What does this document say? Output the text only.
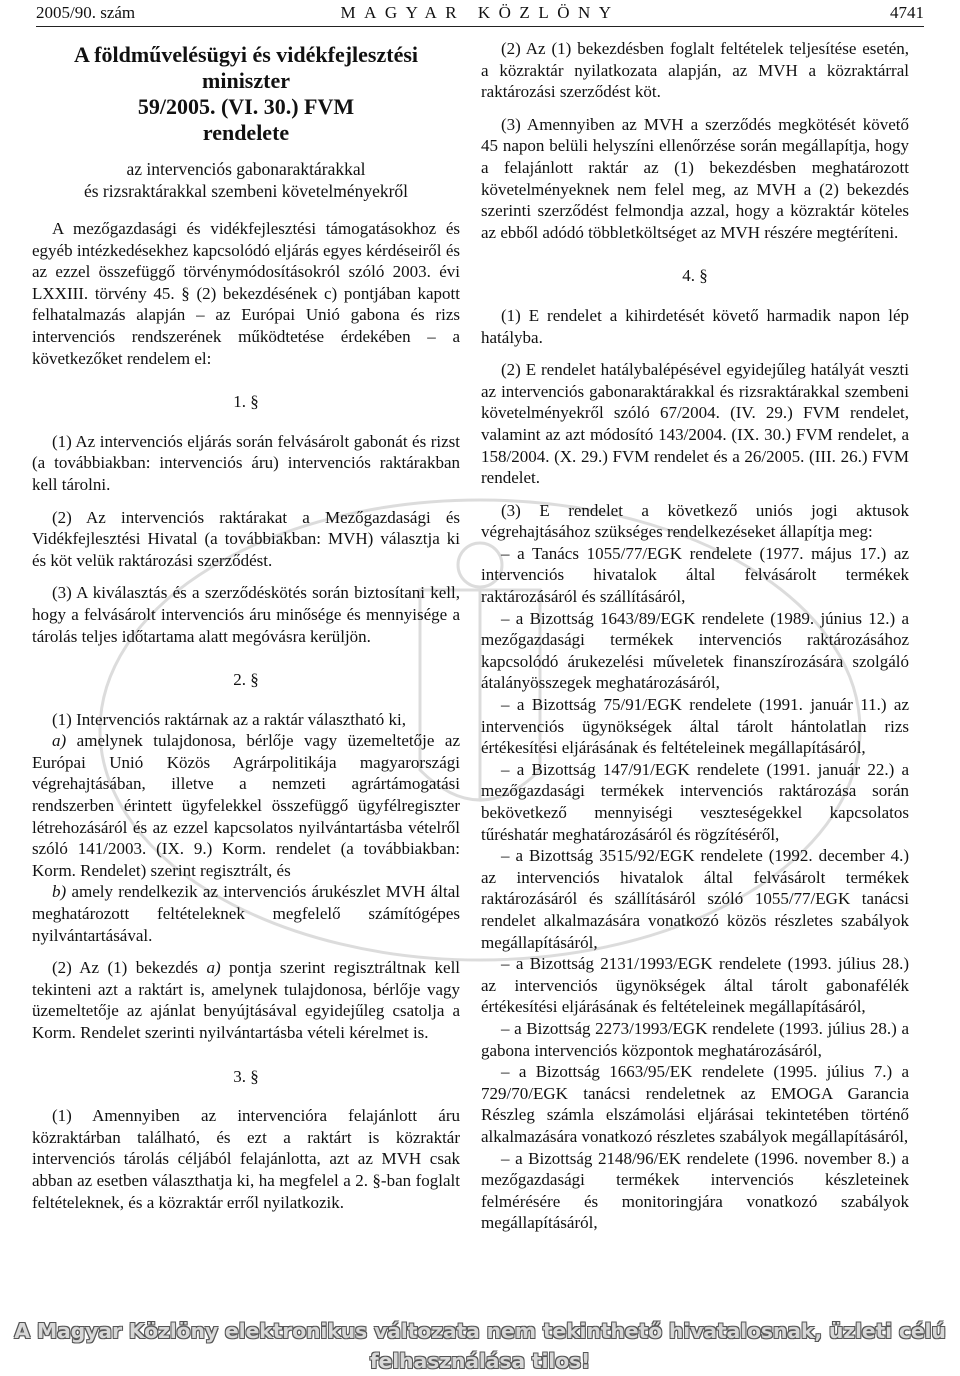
2005/90. szám	MAGYAR KÖZLÖNY	4741
A földművelésügyi és vidékfejlesztési
miniszter
59/2005. (VI. 30.) FVM
rendelete
az intervenciós gabonaraktárakkal
és rizsraktárakkal szembeni követelményekről

A mezőgazdasági és vidékfejlesztési támogatásokhoz és egyéb intézkedésekhez kapcsolódó eljárás egyes kérdéseiről és az ezzel összefüggő törvénymódosításokról szóló 2003. évi LXXIII. törvény 45. § (2) bekezdésének c) pontjában kapott felhatalmazás alapján – az Európai Unió gabona és rizs intervenciós rendszerének működtetése érdekében – a következőket rendelem el:

1. §

(1) Az intervenciós eljárás során felvásárolt gabonát és rizst (a továbbiakban: intervenciós áru) intervenciós raktárakban kell tárolni.

(2) Az intervenciós raktárakat a Mezőgazdasági és Vidékfejlesztési Hivatal (a továbbiakban: MVH) választja ki és köt velük raktározási szerződést.

(3) A kiválasztás és a szerződéskötés során biztosítani kell, hogy a felvásárolt intervenciós áru minősége és mennyisége a tárolás teljes időtartama alatt megóvásra kerüljön.

2. §

(1) Intervenciós raktárnak az a raktár választható ki,

a) amelynek tulajdonosa, bérlője vagy üzemeltetője az Európai Unió Közös Agrárpolitikája magyarországi végrehajtásában, illetve a nemzeti agrártámogatási rendszerben érintett ügyfelekkel összefüggő ügyfélregiszter létrehozásáról és az ezzel kapcsolatos nyilvántartásba vételről szóló 141/2003. (IX. 9.) Korm. rendelet (a továbbiakban: Korm. Rendelet) szerint regisztrált, és

b) amely rendelkezik az intervenciós árukészlet MVH által meghatározott feltételeknek megfelelő számítógépes nyilvántartásával.

(2) Az (1) bekezdés a) pontja szerint regisztráltnak kell tekinteni azt a raktárt is, amelynek tulajdonosa, bérlője vagy üzemeltetője az ajánlat benyújtásával egyidejűleg csatolja a Korm. Rendelet szerinti nyilvántartásba vételi kérelmet is.

3. §

(1) Amennyiben az intervencióra felajánlott áru közraktárban található, és ezt a raktárt is közraktár intervenciós tárolás céljából felajánlotta, azt az MVH csak abban az esetben választhatja ki, ha megfelel a 2. §-ban foglalt feltételeknek, és a közraktár erről nyilatkozik.

(2) Az (1) bekezdésben foglalt feltételek teljesítése esetén, a közraktár nyilatkozata alapján, az MVH a közraktárral raktározási szerződést köt.

(3) Amennyiben az MVH a szerződés megkötését követő 45 napon belüli helyszíni ellenőrzése során megállapítja, hogy a felajánlott raktár az (1) bekezdésben meghatározott követelményeknek nem felel meg, az MVH a (2) bekezdés szerinti szerződést felmondja azzal, hogy a közraktár köteles az ebből adódó többletköltséget az MVH részére megtéríteni.

4. §

(1) E rendelet a kihirdetését követő harmadik napon lép hatályba.

(2) E rendelet hatálybalépésével egyidejűleg hatályát veszti az intervenciós gabonaraktárakkal és rizsraktárakkal szembeni követelményekről szóló 67/2004. (IV. 29.) FVM rendelet, valamint az azt módosító 143/2004. (IX. 30.) FVM rendelet, a 158/2004. (X. 29.) FVM rendelet és a 26/2005. (III. 26.) FVM rendelet.

(3) E rendelet a következő uniós jogi aktusok végrehajtásához szükséges rendelkezéseket állapítja meg:

– a Tanács 1055/77/EGK rendelete (1977. május 17.) az intervenciós hivatalok által felvásárolt termékek raktározásáról és szállításáról,

– a Bizottság 1643/89/EGK rendelete (1989. június 12.) a mezőgazdasági termékek intervenciós raktározásához kapcsolódó árukezelési műveletek finanszírozására szolgáló átalányösszegek meghatározásáról,

– a Bizottság 75/91/EGK rendelete (1991. január 11.) az intervenciós ügynökségek által tárolt hántolatlan rizs értékesítési eljárásának és feltételeinek megállapításáról,

– a Bizottság 147/91/EGK rendelete (1991. január 22.) a mezőgazdasági termékek intervenciós raktározása során bekövetkező mennyiségi veszteségekkel kapcsolatos tűréshatár meghatározásáról és rögzítéséről,

– a Bizottság 3515/92/EGK rendelete (1992. december 4.) az intervenciós hivatalok által felvásárolt termékek raktározásáról és szállításáról szóló 1055/77/EGK tanácsi rendelet alkalmazására vonatkozó közös részletes szabályok megállapításáról,

– a Bizottság 2131/1993/EGK rendelete (1993. július 28.) az intervenciós ügynökségek által tárolt gabonafélék értékesítési eljárásának és feltételeinek megállapításáról,

– a Bizottság 2273/1993/EGK rendelete (1993. július 28.) a gabona intervenciós központok meghatározásáról,

– a Bizottság 1663/95/EK rendelete (1995. július 7.) a 729/70/EGK tanácsi rendeletnek az EMOGA Garancia Részleg számla elszámolási eljárásai tekintetében történő alkalmazására vonatkozó részletes szabályok megállapításáról,

– a Bizottság 2148/96/EK rendelete (1996. november 8.) a mezőgazdasági termékek intervenciós készleteinek felmérésére és monitoringjára vonatkozó szabályok megállapításáról,

A Magyar Közlöny elektronikus változata nem tekinthető hivatalosnak, üzleti célú felhasználása tilos!
